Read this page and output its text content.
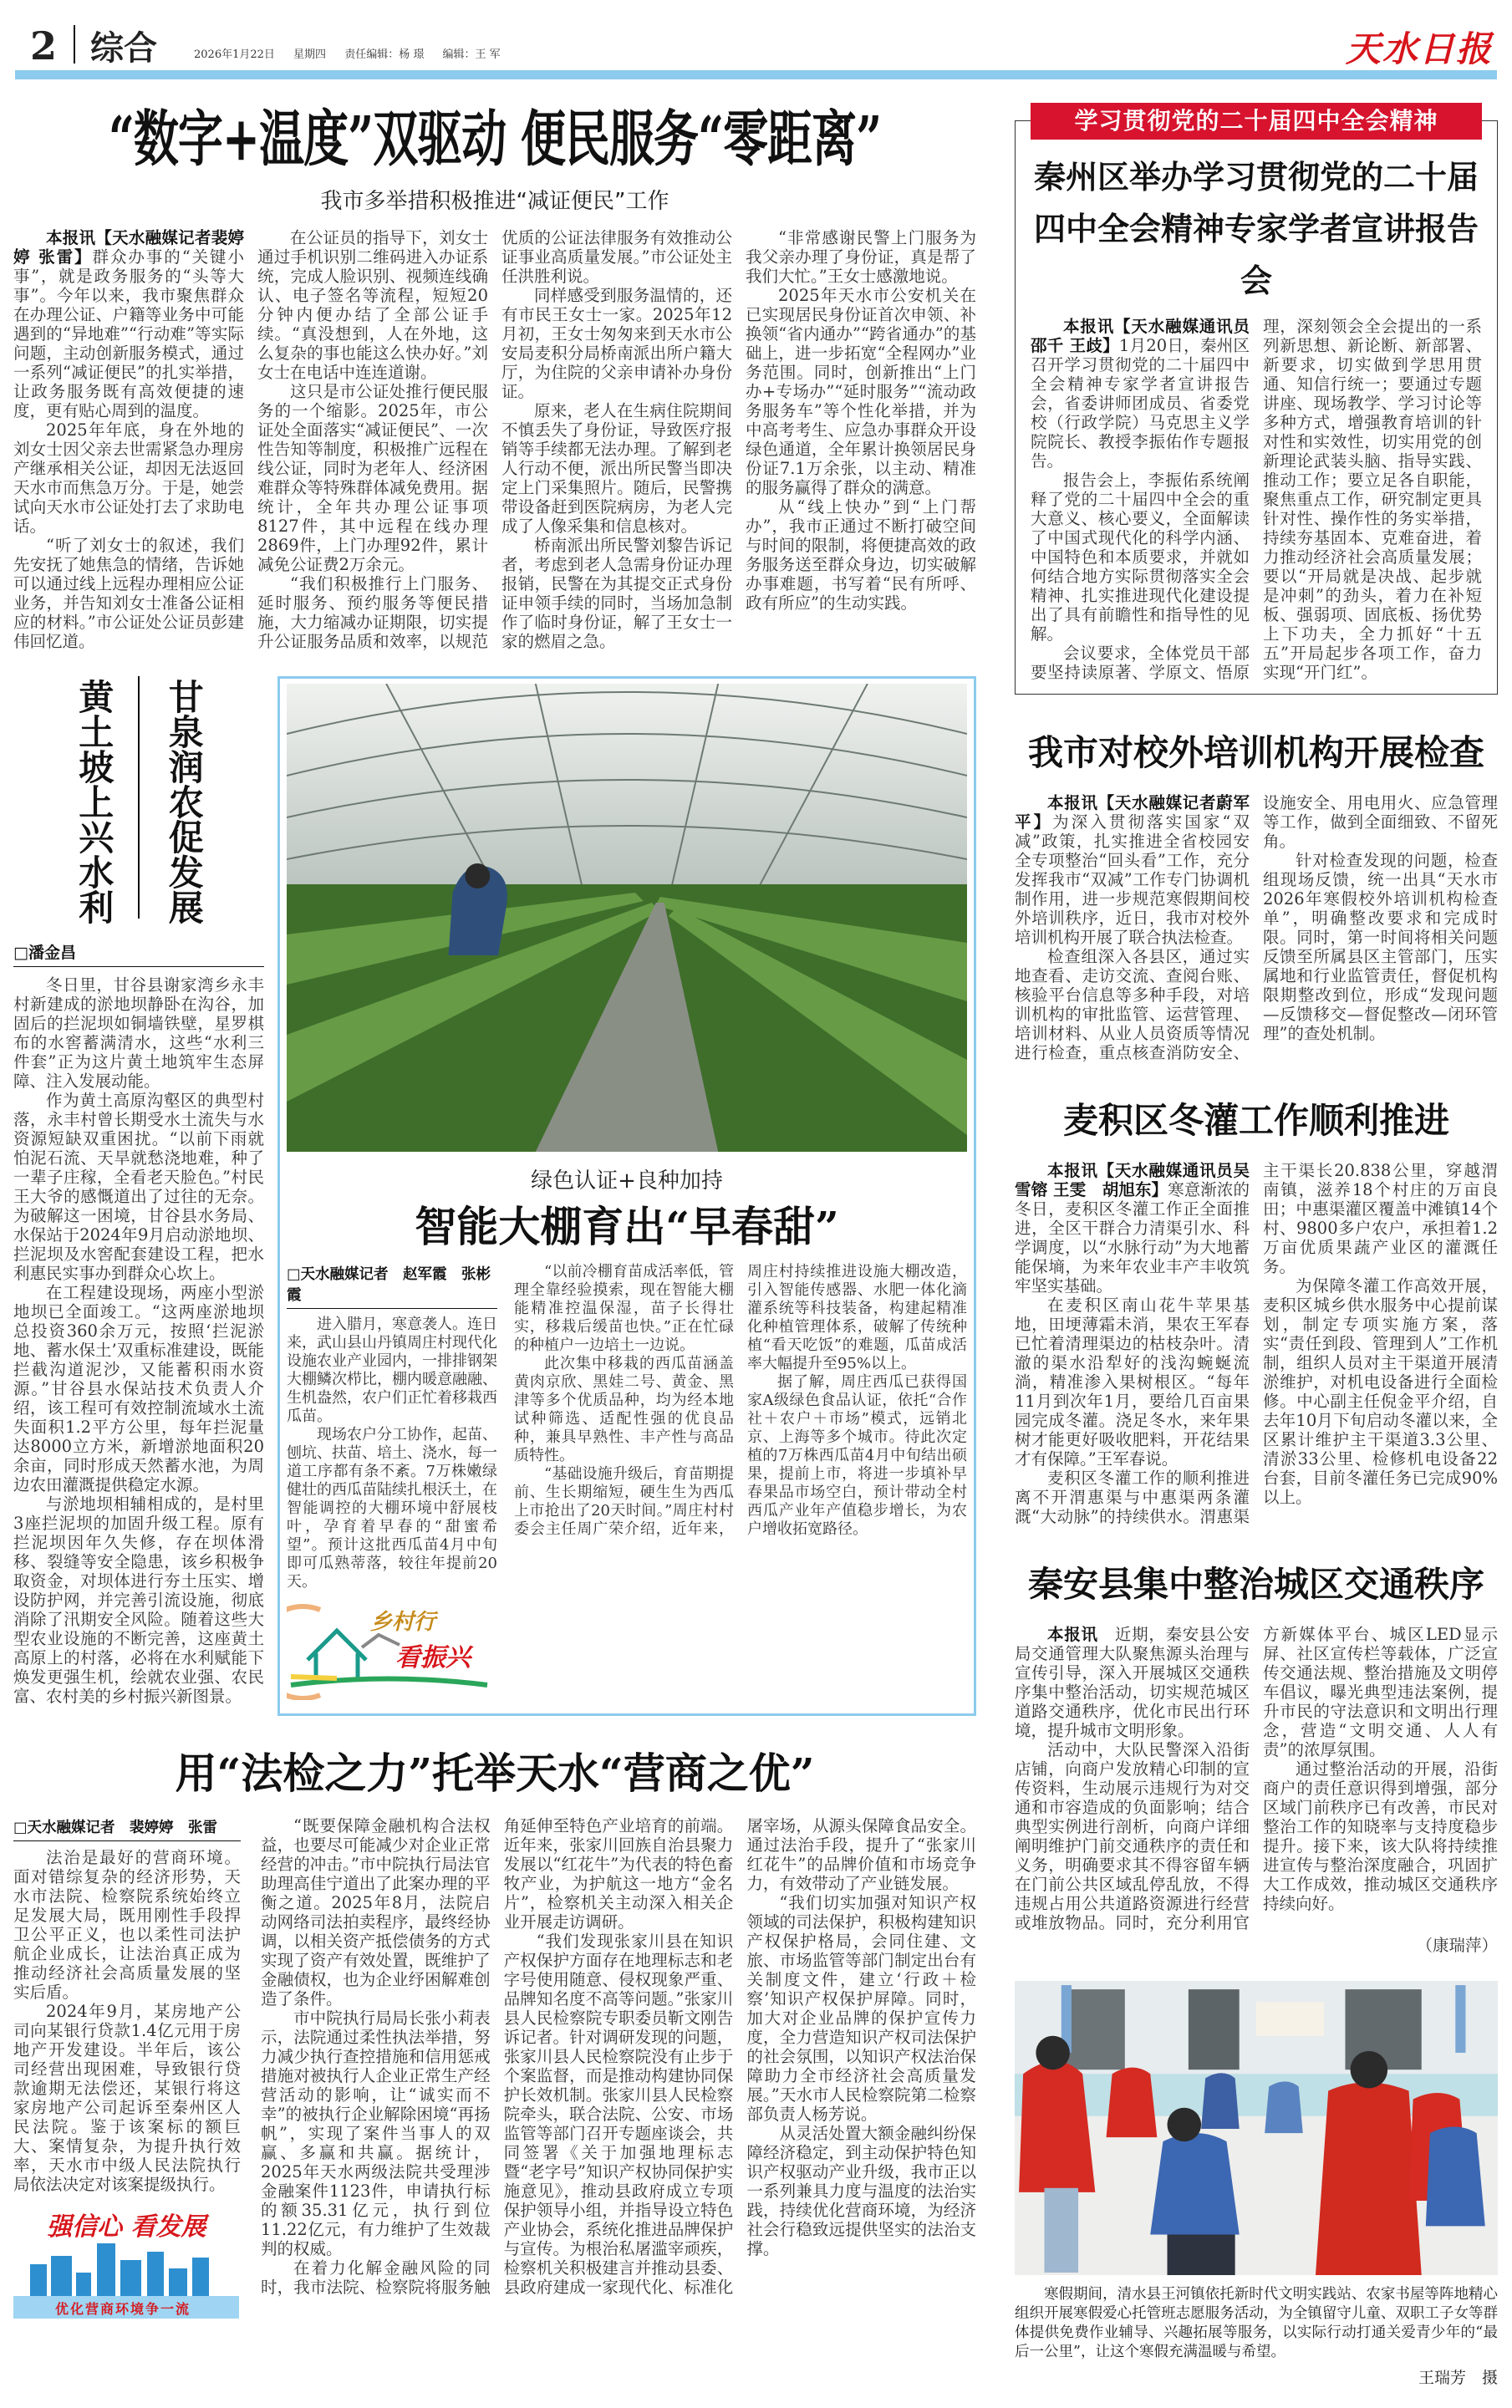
2 综合	2026年1月22日 星期四 责任编辑：杨 璟 编辑：王 军	天水日报
“数字+温度”双驱动 便民服务“零距离”
我市多举措积极推进“减证便民”工作

本报讯【天水融媒记者裴婷婷 张雷】群众办事的“关键小事”，就是政务服务的“头等大事”。今年以来，我市聚焦群众在办理公证、户籍等业务中可能遇到的“异地难”“行动难”等实际问题，主动创新服务模式，通过一系列“减证便民”的扎实举措，让政务服务既有高效便捷的速度，更有贴心周到的温度。

2025年年底，身在外地的刘女士因父亲去世需紧急办理房产继承相关公证，却因无法返回天水市而焦急万分。于是，她尝试向天水市公证处打去了求助电话。

“听了刘女士的叙述，我们先安抚了她焦急的情绪，告诉她可以通过线上远程办理相应公证业务，并告知刘女士准备公证相应的材料。”市公证处公证员彭建伟回忆道。

在公证员的指导下，刘女士通过手机识别二维码进入办证系统，完成人脸识别、视频连线确认、电子签名等流程，短短20分钟内便办结了全部公证手续。“真没想到，人在外地，这么复杂的事也能这么快办好。”刘女士在电话中连连道谢。

这只是市公证处推行便民服务的一个缩影。2025年，市公证处全面落实“减证便民”、一次性告知等制度，积极推广远程在线公证，同时为老年人、经济困难群众等特殊群体减免费用。据统计，全年共办理公证事项8127件，其中远程在线办理2869件，上门办理92件，累计减免公证费2万余元。

“我们积极推行上门服务、延时服务、预约服务等便民措施，大力缩减办证期限，切实提升公证服务品质和效率，以规范优质的公证法律服务有效推动公证事业高质量发展。”市公证处主任洪胜利说。

同样感受到服务温情的，还有市民王女士一家。2025年12月初，王女士匆匆来到天水市公安局麦积分局桥南派出所户籍大厅，为住院的父亲申请补办身份证。

原来，老人在生病住院期间不慎丢失了身份证，导致医疗报销等手续都无法办理。了解到老人行动不便，派出所民警当即决定上门采集照片。随后，民警携带设备赶到医院病房，为老人完成了人像采集和信息核对。

桥南派出所民警刘黎告诉记者，考虑到老人急需身份证办理报销，民警在为其提交正式身份证申领手续的同时，当场加急制作了临时身份证，解了王女士一家的燃眉之急。

“非常感谢民警上门服务为我父亲办理了身份证，真是帮了我们大忙。”王女士感激地说。

2025年天水市公安机关在已实现居民身份证首次申领、补换领“省内通办”“跨省通办”的基础上，进一步拓宽“全程网办”业务范围。同时，创新推出“上门办+专场办”“延时服务”“流动政务服务车”等个性化举措，并为中高考考生、应急办事群众开设绿色通道，全年累计换领居民身份证7.1万余张，以主动、精准的服务赢得了群众的满意。

从“线上快办”到“上门帮办”，我市正通过不断打破空间与时间的限制，将便捷高效的政务服务送至群众身边，切实破解办事难题，书写着“民有所呼、政有所应”的生动实践。

黄土坡上兴水利 甘泉润农促发展
□潘金昌

冬日里，甘谷县谢家湾乡永丰村新建成的淤地坝静卧在沟谷，加固后的拦泥坝如铜墙铁壁，星罗棋布的水窖蓄满清水，这些“水利三件套”正为这片黄土地筑牢生态屏障、注入发展动能。

作为黄土高原沟壑区的典型村落，永丰村曾长期受水土流失与水资源短缺双重困扰。“以前下雨就怕泥石流、天旱就愁浇地难，种了一辈子庄稼，全看老天脸色。”村民王大爷的感慨道出了过往的无奈。为破解这一困境，甘谷县水务局、水保站于2024年9月启动淤地坝、拦泥坝及水窖配套建设工程，把水利惠民实事办到群众心坎上。

在工程建设现场，两座小型淤地坝已全面竣工。“这两座淤地坝总投资360余万元，按照‘拦泥淤地、蓄水保土’双重标准建设，既能拦截沟道泥沙，又能蓄积雨水资源。”甘谷县水保站技术负责人介绍，该工程可有效控制流域水土流失面积1.2平方公里，每年拦泥量达8000立方米，新增淤地面积20余亩，同时形成天然蓄水池，为周边农田灌溉提供稳定水源。

与淤地坝相辅相成的，是村里3座拦泥坝的加固升级工程。原有拦泥坝因年久失修，存在坝体滑移、裂缝等安全隐患，该乡积极争取资金，对坝体进行夯土压实、增设防护网，并完善引流设施，彻底消除了汛期安全风险。随着这些大型农业设施的不断完善，这座黄土高原上的村落，必将在水利赋能下焕发更强生机，绘就农业强、农民富、农村美的乡村振兴新图景。

绿色认证+良种加持
智能大棚育出“早春甜”
□天水融媒记者　赵军霞　张彬霞

进入腊月，寒意袭人。连日来，武山县山丹镇周庄村现代化设施农业产业园内，一排排钢架大棚鳞次栉比，棚内暖意融融、生机盎然，农户们正忙着移栽西瓜苗。

现场农户分工协作，起苗、刨坑、扶苗、培土、浇水，每一道工序都有条不紊。7万株嫩绿健壮的西瓜苗陆续扎根沃土，在智能调控的大棚环境中舒展枝叶，孕育着早春的“甜蜜希望”。预计这批西瓜苗4月中旬即可瓜熟蒂落，较往年提前20天。

乡村行
看振兴

“以前冷棚育苗成活率低，管理全靠经验摸索，现在智能大棚能精准控温保湿，苗子长得壮实，移栽后缓苗也快。”正在忙碌的种植户一边培土一边说。

此次集中移栽的西瓜苗涵盖黄肉京欣、黑娃二号、黄金、黑津等多个优质品种，均为经本地试种筛选、适配性强的优良品种，兼具早熟性、丰产性与高品质特性。

“基础设施升级后，育苗期提前、生长期缩短，硬生生为西瓜上市抢出了20天时间。”周庄村村委会主任周广荣介绍，近年来，周庄村持续推进设施大棚改造，引入智能传感器、水肥一体化滴灌系统等科技装备，构建起精准化种植管理体系，破解了传统种植“看天吃饭”的难题，瓜苗成活率大幅提升至95%以上。

据了解，周庄西瓜已获得国家A级绿色食品认证，依托“合作社＋农户＋市场”模式，远销北京、上海等多个城市。待此次定植的7万株西瓜苗4月中旬结出硕果，提前上市，将进一步填补早春果品市场空白，预计带动全村西瓜产业年产值稳步增长，为农户增收拓宽路径。

用“法检之力”托举天水“营商之优”
□天水融媒记者　裴婷婷　张雷

法治是最好的营商环境。面对错综复杂的经济形势，天水市法院、检察院系统始终立足发展大局，既用刚性手段捍卫公平正义，也以柔性司法护航企业成长，让法治真正成为推动经济社会高质量发展的坚实后盾。

2024年9月，某房地产公司向某银行贷款1.4亿元用于房地产开发建设。半年后，该公司经营出现困难，导致银行贷款逾期无法偿还，某银行将这家房地产公司起诉至秦州区人民法院。鉴于该案标的额巨大、案情复杂，为提升执行效率，天水市中级人民法院执行局依法决定对该案提级执行。

强信心 看发展
优化营商环境争一流

“既要保障金融机构合法权益，也要尽可能减少对企业正常经营的冲击。”市中院执行局法官助理高佳宁道出了此案办理的平衡之道。2025年8月，法院启动网络司法拍卖程序，最终经协调，以相关资产抵偿债务的方式实现了资产有效处置，既维护了金融债权，也为企业纾困解难创造了条件。

市中院执行局局长张小莉表示，法院通过柔性执法举措，努力减少执行查控措施和信用惩戒措施对被执行人企业正常生产经营活动的影响，让“诚实而不幸”的被执行企业解除困境“再扬帆”，实现了案件当事人的双赢、多赢和共赢。据统计，2025年天水两级法院共受理涉金融案件1123件，申请执行标的额35.31亿元，执行到位11.22亿元，有力维护了生效裁判的权威。

在着力化解金融风险的同时，我市法院、检察院将服务触角延伸至特色产业培育的前端。近年来，张家川回族自治县聚力发展以“红花牛”为代表的特色畜牧产业，为护航这一地方“金名片”，检察机关主动深入相关企业开展走访调研。

“我们发现张家川县在知识产权保护方面存在地理标志和老字号使用随意、侵权现象严重、品牌知名度不高等问题。”张家川县人民检察院专职委员靳文刚告诉记者。针对调研发现的问题，张家川县人民检察院没有止步于个案监督，而是推动构建协同保护长效机制。张家川县人民检察院牵头，联合法院、公安、市场监管等部门召开专题座谈会，共同签署《关于加强地理标志暨“老字号”知识产权协同保护实施意见》，推动县政府成立专项保护领导小组，并指导设立特色产业协会，系统化推进品牌保护与宣传。为根治私屠滥宰顽疾，检察机关积极建言并推动县委、县政府建成一家现代化、标准化屠宰场，从源头保障食品安全。通过法治手段，提升了“张家川红花牛”的品牌价值和市场竞争力，有效带动了产业链发展。

“我们切实加强对知识产权领域的司法保护，积极构建知识产权保护格局，会同住建、文旅、市场监管等部门制定出台有关制度文件，建立‘行政＋检察’知识产权保护屏障。同时，加大对企业品牌的保护宣传力度，全力营造知识产权司法保护的社会氛围，以知识产权法治保障助力全市经济社会高质量发展。”天水市人民检察院第二检察部负责人杨芳说。

从灵活处置大额金融纠纷保障经济稳定，到主动保护特色知识产权驱动产业升级，我市正以一系列兼具力度与温度的法治实践，持续优化营商环境，为经济社会行稳致远提供坚实的法治支撑。

学习贯彻党的二十届四中全会精神
秦州区举办学习贯彻党的二十届四中全会精神专家学者宣讲报告会

本报讯【天水融媒通讯员邵千 王歧】1月20日，秦州区召开学习贯彻党的二十届四中全会精神专家学者宣讲报告会，省委讲师团成员、省委党校（行政学院）马克思主义学院院长、教授李振佑作专题报告。

报告会上，李振佑系统阐释了党的二十届四中全会的重大意义、核心要义，全面解读了中国式现代化的科学内涵、中国特色和本质要求，并就如何结合地方实际贯彻落实全会精神、扎实推进现代化建设提出了具有前瞻性和指导性的见解。

会议要求，全体党员干部要坚持读原著、学原文、悟原理，深刻领会全会提出的一系列新思想、新论断、新部署、新要求，切实做到学思用贯通、知信行统一；要通过专题讲座、现场教学、学习讨论等多种方式，增强教育培训的针对性和实效性，切实用党的创新理论武装头脑、指导实践、推动工作；要立足各自职能，聚焦重点工作，研究制定更具针对性、操作性的务实举措，持续夯基固本、克难奋进，着力推动经济社会高质量发展；要以“开局就是决战、起步就是冲刺”的劲头，着力在补短板、强弱项、固底板、扬优势上下功夫，全力抓好“十五五”开局起步各项工作，奋力实现“开门红”。

我市对校外培训机构开展检查

本报讯【天水融媒记者蔚军平】为深入贯彻落实国家“双减”政策，扎实推进全省校园安全专项整治“回头看”工作，充分发挥我市“双减”工作专门协调机制作用，进一步规范寒假期间校外培训秩序，近日，我市对校外培训机构开展了联合执法检查。

检查组深入各县区，通过实地查看、走访交流、查阅台账、核验平台信息等多种手段，对培训机构的审批监管、运营管理、培训材料、从业人员资质等情况进行检查，重点核查消防安全、设施安全、用电用火、应急管理等工作，做到全面细致、不留死角。

针对检查发现的问题，检查组现场反馈，统一出具“天水市2026年寒假校外培训机构检查单”，明确整改要求和完成时限。同时，第一时间将相关问题反馈至所属县区主管部门，压实属地和行业监管责任，督促机构限期整改到位，形成“发现问题—反馈移交—督促整改—闭环管理”的查处机制。

麦积区冬灌工作顺利推进

本报讯【天水融媒通讯员吴雪镕 王雯　胡旭东】寒意渐浓的冬日，麦积区冬灌工作正全面推进，全区干群合力清渠引水、科学调度，以“水脉行动”为大地蓄能保墒，为来年农业丰产丰收筑牢坚实基础。

在麦积区南山花牛苹果基地，田埂薄霜未消，果农王军春已忙着清理渠边的枯枝杂叶。清澈的渠水沿犁好的浅沟蜿蜒流淌，精准渗入果树根区。“每年11月到次年1月，要给几百亩果园完成冬灌。浇足冬水，来年果树才能更好吸收肥料，开花结果才有保障。”王军春说。

麦积区冬灌工作的顺利推进离不开渭惠渠与中惠渠两条灌溉“大动脉”的持续供水。渭惠渠主干渠长20.838公里，穿越渭南镇，滋养18个村庄的万亩良田；中惠渠灌区覆盖中滩镇14个村、9800多户农户，承担着1.2万亩优质果蔬产业区的灌溉任务。

为保障冬灌工作高效开展，麦积区城乡供水服务中心提前谋划，制定专项实施方案，落实“责任到段、管理到人”工作机制，组织人员对主干渠道开展清淤维护，对机电设备进行全面检修。中心副主任倪金平介绍，自去年10月下旬启动冬灌以来，全区累计维护主干渠道3.3公里、清淤33公里、检修机电设备22台套，目前冬灌任务已完成90%以上。

秦安县集中整治城区交通秩序

本报讯　近期，秦安县公安局交通管理大队聚焦源头治理与宣传引导，深入开展城区交通秩序集中整治活动，切实规范城区道路交通秩序，优化市民出行环境，提升城市文明形象。

活动中，大队民警深入沿街店铺，向商户发放精心印制的宣传资料，生动展示违规行为对交通和市容造成的负面影响；结合典型实例进行剖析，向商户详细阐明维护门前交通秩序的责任和义务，明确要求其不得容留车辆在门前公共区域乱停乱放，不得违规占用公共道路资源进行经营或堆放物品。同时，充分利用官方新媒体平台、城区LED显示屏、社区宣传栏等载体，广泛宣传交通法规、整治措施及文明停车倡议，曝光典型违法案例，提升市民的守法意识和文明出行理念，营造“文明交通、人人有责”的浓厚氛围。

通过整治活动的开展，沿街商户的责任意识得到增强，部分区域门前秩序已有改善，市民对整治工作的知晓率与支持度稳步提升。接下来，该大队将持续推进宣传与整治深度融合，巩固扩大工作成效，推动城区交通秩序持续向好。

（康瑞萍）

寒假期间，清水县王河镇依托新时代文明实践站、农家书屋等阵地精心组织开展寒假爱心托管班志愿服务活动，为全镇留守儿童、双职工子女等群体提供免费作业辅导、兴趣拓展等服务，以实际行动打通关爱青少年的“最后一公里”，让这个寒假充满温暖与希望。

王瑞芳　摄
